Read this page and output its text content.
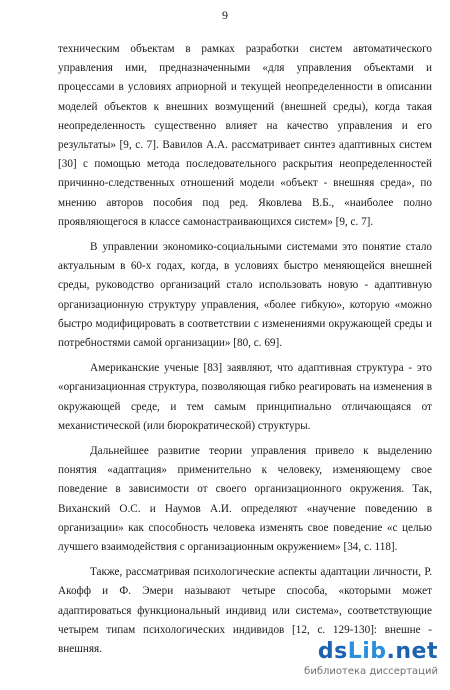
9

техническим объектам в рамках разработки систем автоматического управления ими, предназначенными «для управления объектами и процессами в условиях априорной и текущей неопределенности в описании моделей объектов к внешних возмущений (внешней среды), когда такая неопределенность существенно влияет на качество управления и его результаты» [9, с. 7]. Вавилов А.А. рассматривает синтез адаптивных систем [30] с помощью метода последовательного раскрытия неопределенностей причинно-следственных отношений модели «объект - внешняя среда», по мнению авторов пособия под ред. Яковлева В.Б., «наиболее полно проявляющегося в классе самонастраивающихся систем» [9, с. 7].

В управлении экономико-социальными системами это понятие стало актуальным в 60-х годах, когда, в условиях быстро меняющейся внешней среды, руководство организаций стало использовать новую - адаптивную организационную структуру управления, «более гибкую», которую «можно быстро модифицировать в соответствии с изменениями окружающей среды и потребностями самой организации» [80, с. 69].

Американские ученые [83] заявляют, что адаптивная структура - это «организационная структура, позволяющая гибко реагировать на изменения в окружающей среде, и тем самым принципиально отличающаяся от механистической (или бюрократической) структуры.

Дальнейшее развитие теории управления привело к выделению понятия «адаптация» применительно к человеку, изменяющему свое поведение в зависимости от своего организационного окружения. Так, Виханский О.С. и Наумов А.И. определяют «научение поведению в организации» как способность человека изменять свое поведение «с целью лучшего взаимодействия с организационным окружением» [34, с. 118].

Также, рассматривая психологические аспекты адаптации личности, Р. Акофф и Ф. Эмери называют четыре способа, «которыми может адаптироваться функциональный индивид или система», соответствующие четырем типам психологических индивидов [12, с. 129-130]: внешне - внешняя.	dsLib.net
библиотека диссертаций
